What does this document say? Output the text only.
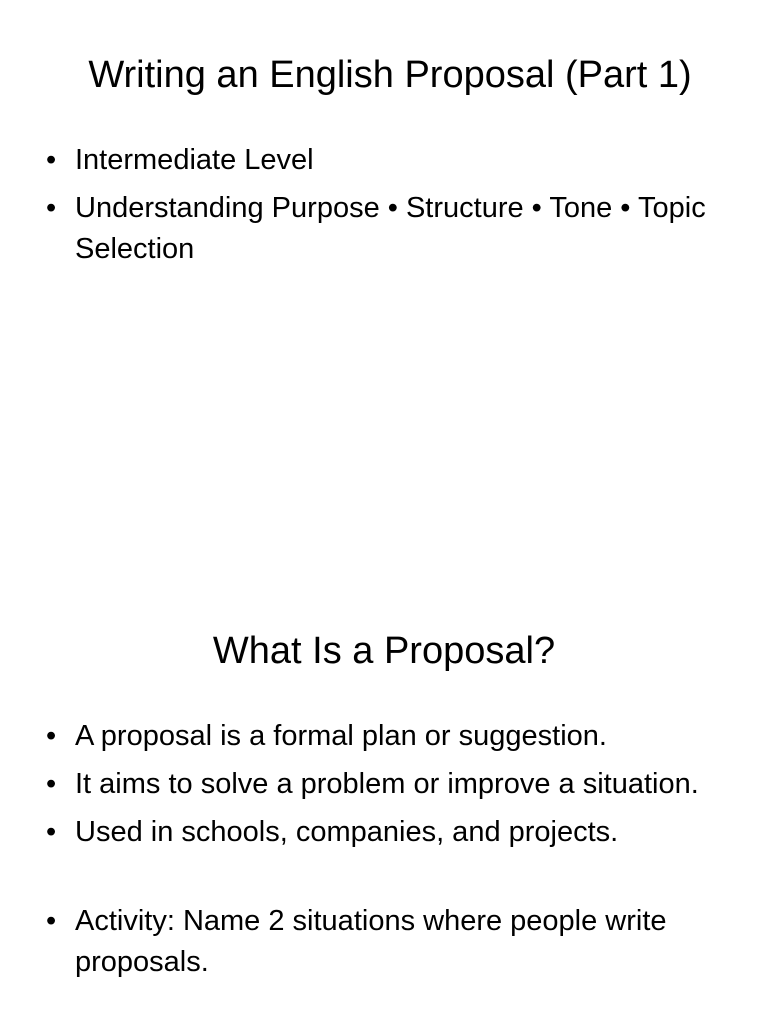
Writing an English Proposal (Part 1)
• Intermediate Level
• Understanding Purpose • Structure • Tone • Topic Selection
What Is a Proposal?
• A proposal is a formal plan or suggestion.
• It aims to solve a problem or improve a situation.
• Used in schools, companies, and projects.
• Activity: Name 2 situations where people write proposals.
